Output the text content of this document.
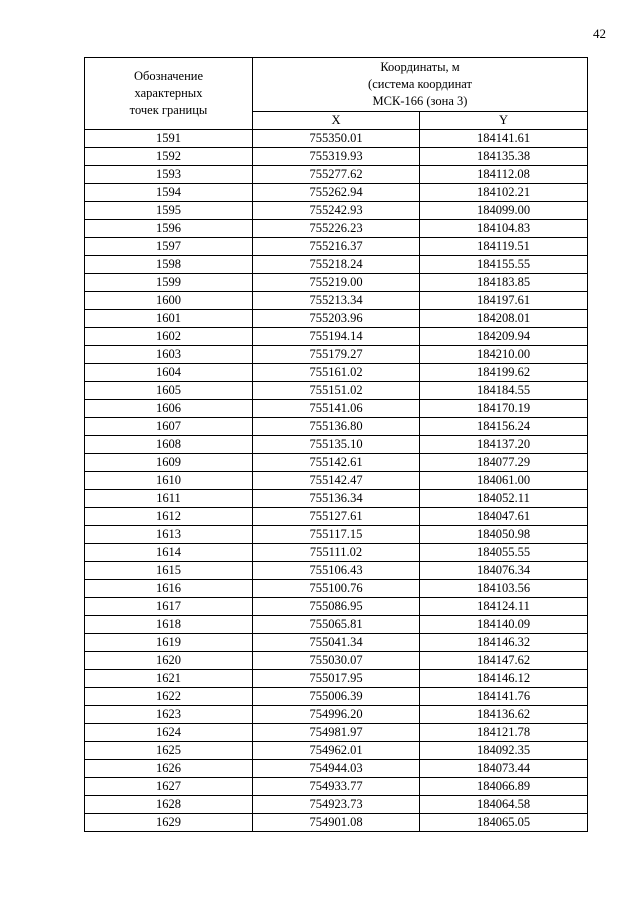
42
Обозначение
характерных
точек границы	Координаты, м
(система координат
МСК-166 (зона 3)	

	X	Y
1591	755350.01	184141.61
1592	755319.93	184135.38
1593	755277.62	184112.08
1594	755262.94	184102.21
1595	755242.93	184099.00
1596	755226.23	184104.83
1597	755216.37	184119.51
1598	755218.24	184155.55
1599	755219.00	184183.85
1600	755213.34	184197.61
1601	755203.96	184208.01
1602	755194.14	184209.94
1603	755179.27	184210.00
1604	755161.02	184199.62
1605	755151.02	184184.55
1606	755141.06	184170.19
1607	755136.80	184156.24
1608	755135.10	184137.20
1609	755142.61	184077.29
1610	755142.47	184061.00
1611	755136.34	184052.11
1612	755127.61	184047.61
1613	755117.15	184050.98
1614	755111.02	184055.55
1615	755106.43	184076.34
1616	755100.76	184103.56
1617	755086.95	184124.11
1618	755065.81	184140.09
1619	755041.34	184146.32
1620	755030.07	184147.62
1621	755017.95	184146.12
1622	755006.39	184141.76
1623	754996.20	184136.62
1624	754981.97	184121.78
1625	754962.01	184092.35
1626	754944.03	184073.44
1627	754933.77	184066.89
1628	754923.73	184064.58
1629	754901.08	184065.05
